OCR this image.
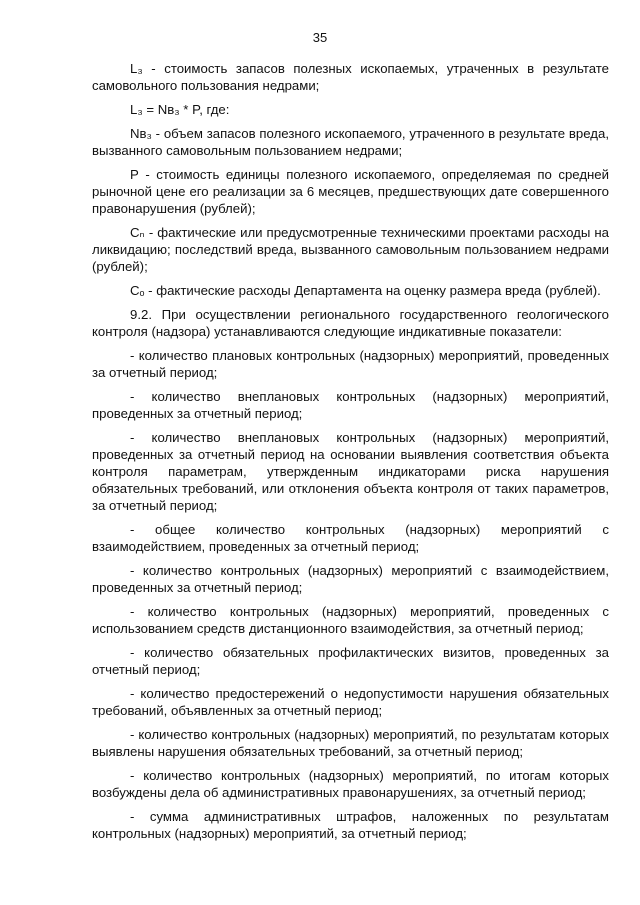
35

L₃ - стоимость запасов полезных ископаемых, утраченных в результате самовольного пользования недрами;

L₃ = Nʙ₃ * P, где:

Nʙ₃ - объем запасов полезного ископаемого, утраченного в результате вреда, вызванного самовольным пользованием недрами;

Р - стоимость единицы полезного ископаемого, определяемая по средней рыночной цене его реализации за 6 месяцев, предшествующих дате совершенного правонарушения (рублей);

Сₙ - фактические или предусмотренные техническими проектами расходы на ликвидацию; последствий вреда, вызванного самовольным пользованием недрами (рублей);

Сₒ - фактические расходы Департамента на оценку размера вреда (рублей).

9.2. При осуществлении регионального государственного геологического контроля (надзора) устанавливаются следующие индикативные показатели:

- количество плановых контрольных (надзорных) мероприятий, проведенных за отчетный период;

- количество внеплановых контрольных (надзорных) мероприятий, проведенных за отчетный период;

- количество внеплановых контрольных (надзорных) мероприятий, проведенных за отчетный период на основании выявления соответствия объекта контроля параметрам, утвержденным индикаторами риска нарушения обязательных требований, или отклонения объекта контроля от таких параметров, за отчетный период;

- общее количество контрольных (надзорных) мероприятий с взаимодействием, проведенных за отчетный период;

- количество контрольных (надзорных) мероприятий с взаимодействием, проведенных за отчетный период;

- количество контрольных (надзорных) мероприятий, проведенных с использованием средств дистанционного взаимодействия, за отчетный период;

- количество обязательных профилактических визитов, проведенных за отчетный период;

- количество предостережений о недопустимости нарушения обязательных требований, объявленных за отчетный период;

- количество контрольных (надзорных) мероприятий, по результатам которых выявлены нарушения обязательных требований, за отчетный период;

- количество контрольных (надзорных) мероприятий, по итогам которых возбуждены дела об административных правонарушениях, за отчетный период;

- сумма административных штрафов, наложенных по результатам контрольных (надзорных) мероприятий, за отчетный период;
